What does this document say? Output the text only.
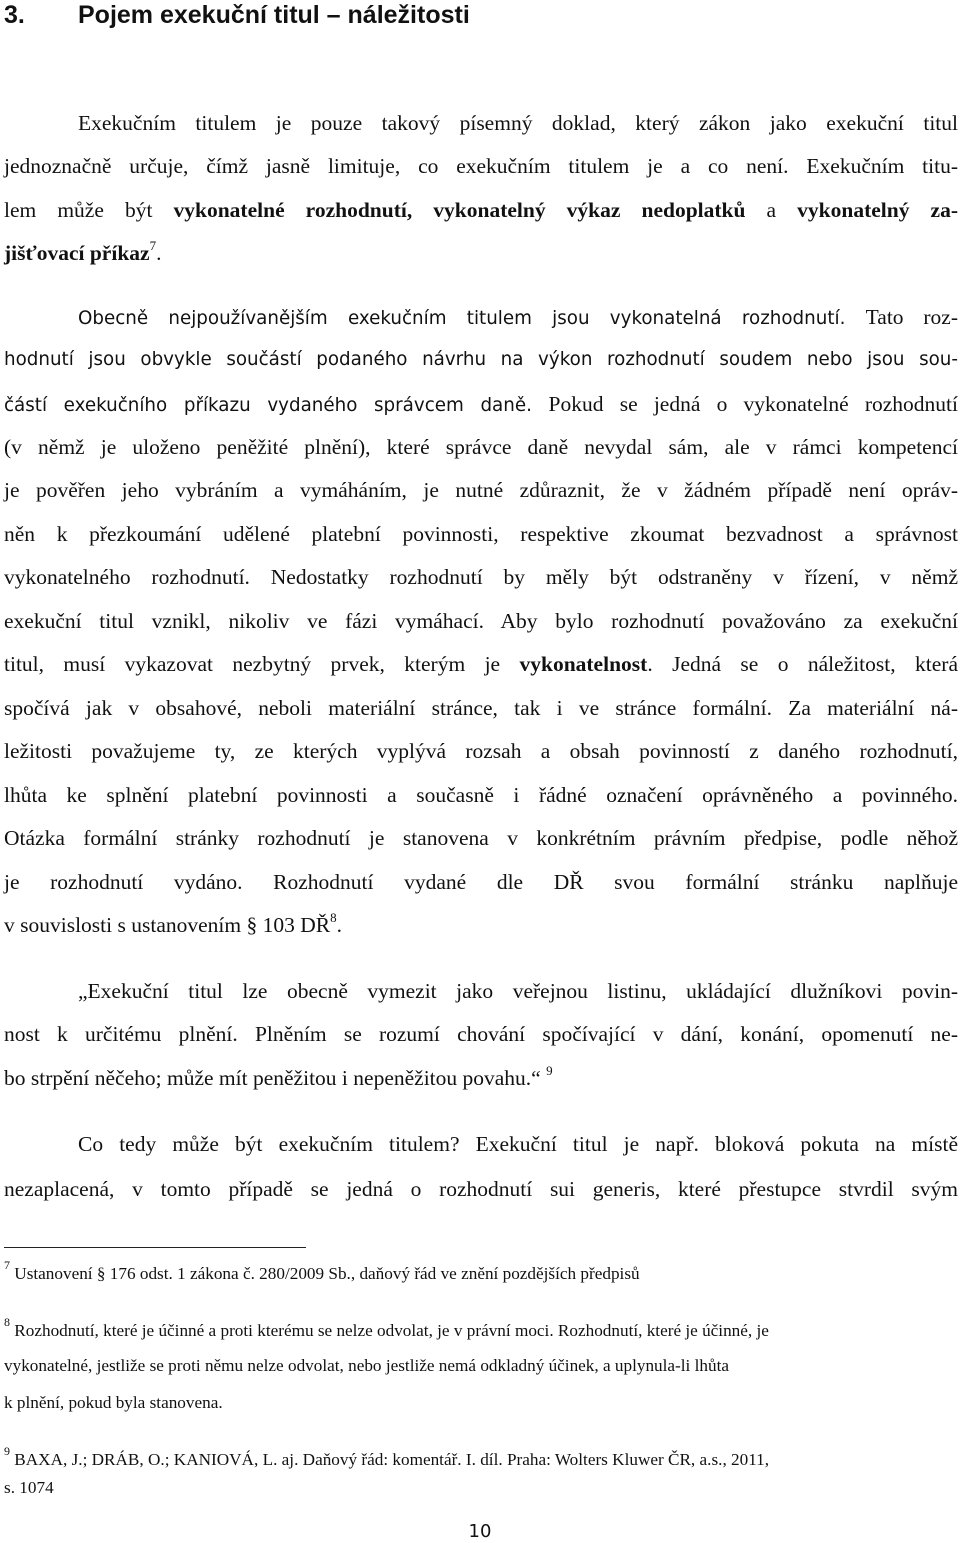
3. Pojem exekuční titul – náležitosti
Exekučním titulem je pouze takový písemný doklad, který zákon jako exekuční titul
jednoznačně určuje, čímž jasně limituje, co exekučním titulem je a co není. Exekučním titu-
lem může být vykonatelné rozhodnutí, vykonatelný výkaz nedoplatků a vykonatelný za-
jišťovací příkaz$^7$.
Obecně nejpoužívanějším exekučním titulem jsou vykonatelná rozhodnutí. Tato roz-
hodnutí jsou obvykle součástí podaného návrhu na výkon rozhodnutí soudem nebo jsou sou-
částí exekučního příkazu vydaného správcem daně. Pokud se jedná o vykonatelné rozhodnutí
(v němž je uloženo peněžité plnění), které správce daně nevydal sám, ale v rámci kompetencí
je pověřen jeho vybráním a vymáháním, je nutné zdůraznit, že v žádném případě není opráv-
něn k přezkoumání udělené platební povinnosti, respektive zkoumat bezvadnost a správnost
vykonatelného rozhodnutí. Nedostatky rozhodnutí by měly být odstraněny v řízení, v němž
exekuční titul vznikl, nikoliv ve fázi vymáhací. Aby bylo rozhodnutí považováno za exekuční
titul, musí vykazovat nezbytný prvek, kterým je vykonatelnost. Jedná se o náležitost, která
spočívá jak v obsahové, neboli materiální stránce, tak i ve stránce formální. Za materiální ná-
ležitosti považujeme ty, ze kterých vyplývá rozsah a obsah povinností z daného rozhodnutí,
lhůta ke splnění platební povinnosti a současně i řádné označení oprávněného a povinného.
Otázka formální stránky rozhodnutí je stanovena v konkrétním právním předpise, podle něhož
je rozhodnutí vydáno. Rozhodnutí vydané dle DŘ svou formální stránku naplňuje
v souvislosti s ustanovením § 103 $DŘ^8$.
„Exekuční titul lze obecně vymezit jako veřejnou listinu, ukládající dlužníkovi povin-
nost k určitému plnění. Plněním se rozumí chování spočívající v dání, konání, opomenutí ne-
bo strpění něčeho; může mít peněžitou i nepeněžitou povahu.“ $^9$
Co tedy může být exekučním titulem? Exekuční titul je např. bloková pokuta na místě
nezaplacená, v tomto případě se jedná o rozhodnutí sui generis, které přestupce stvrdil svým
$^7$ Ustanovení § 176 odst. 1 zákona č. 280/2009 Sb., daňový řád ve znění pozdějších předpisů
$^8$ Rozhodnutí, které je účinné a proti kterému se nelze odvolat, je v právní moci. Rozhodnutí, které je účinné, je
vykonatelné, jestliže se proti němu nelze odvolat, nebo jestliže nemá odkladný účinek, a uplynula-li lhůta
k plnění, pokud byla stanovena.
$^9$ BAXA, J.; DRÁB, O.; KANIOVÁ, L. aj. Daňový řád: komentář. I. díl. Praha: Wolters Kluwer ČR, a.s., 2011,
s. 1074
10
